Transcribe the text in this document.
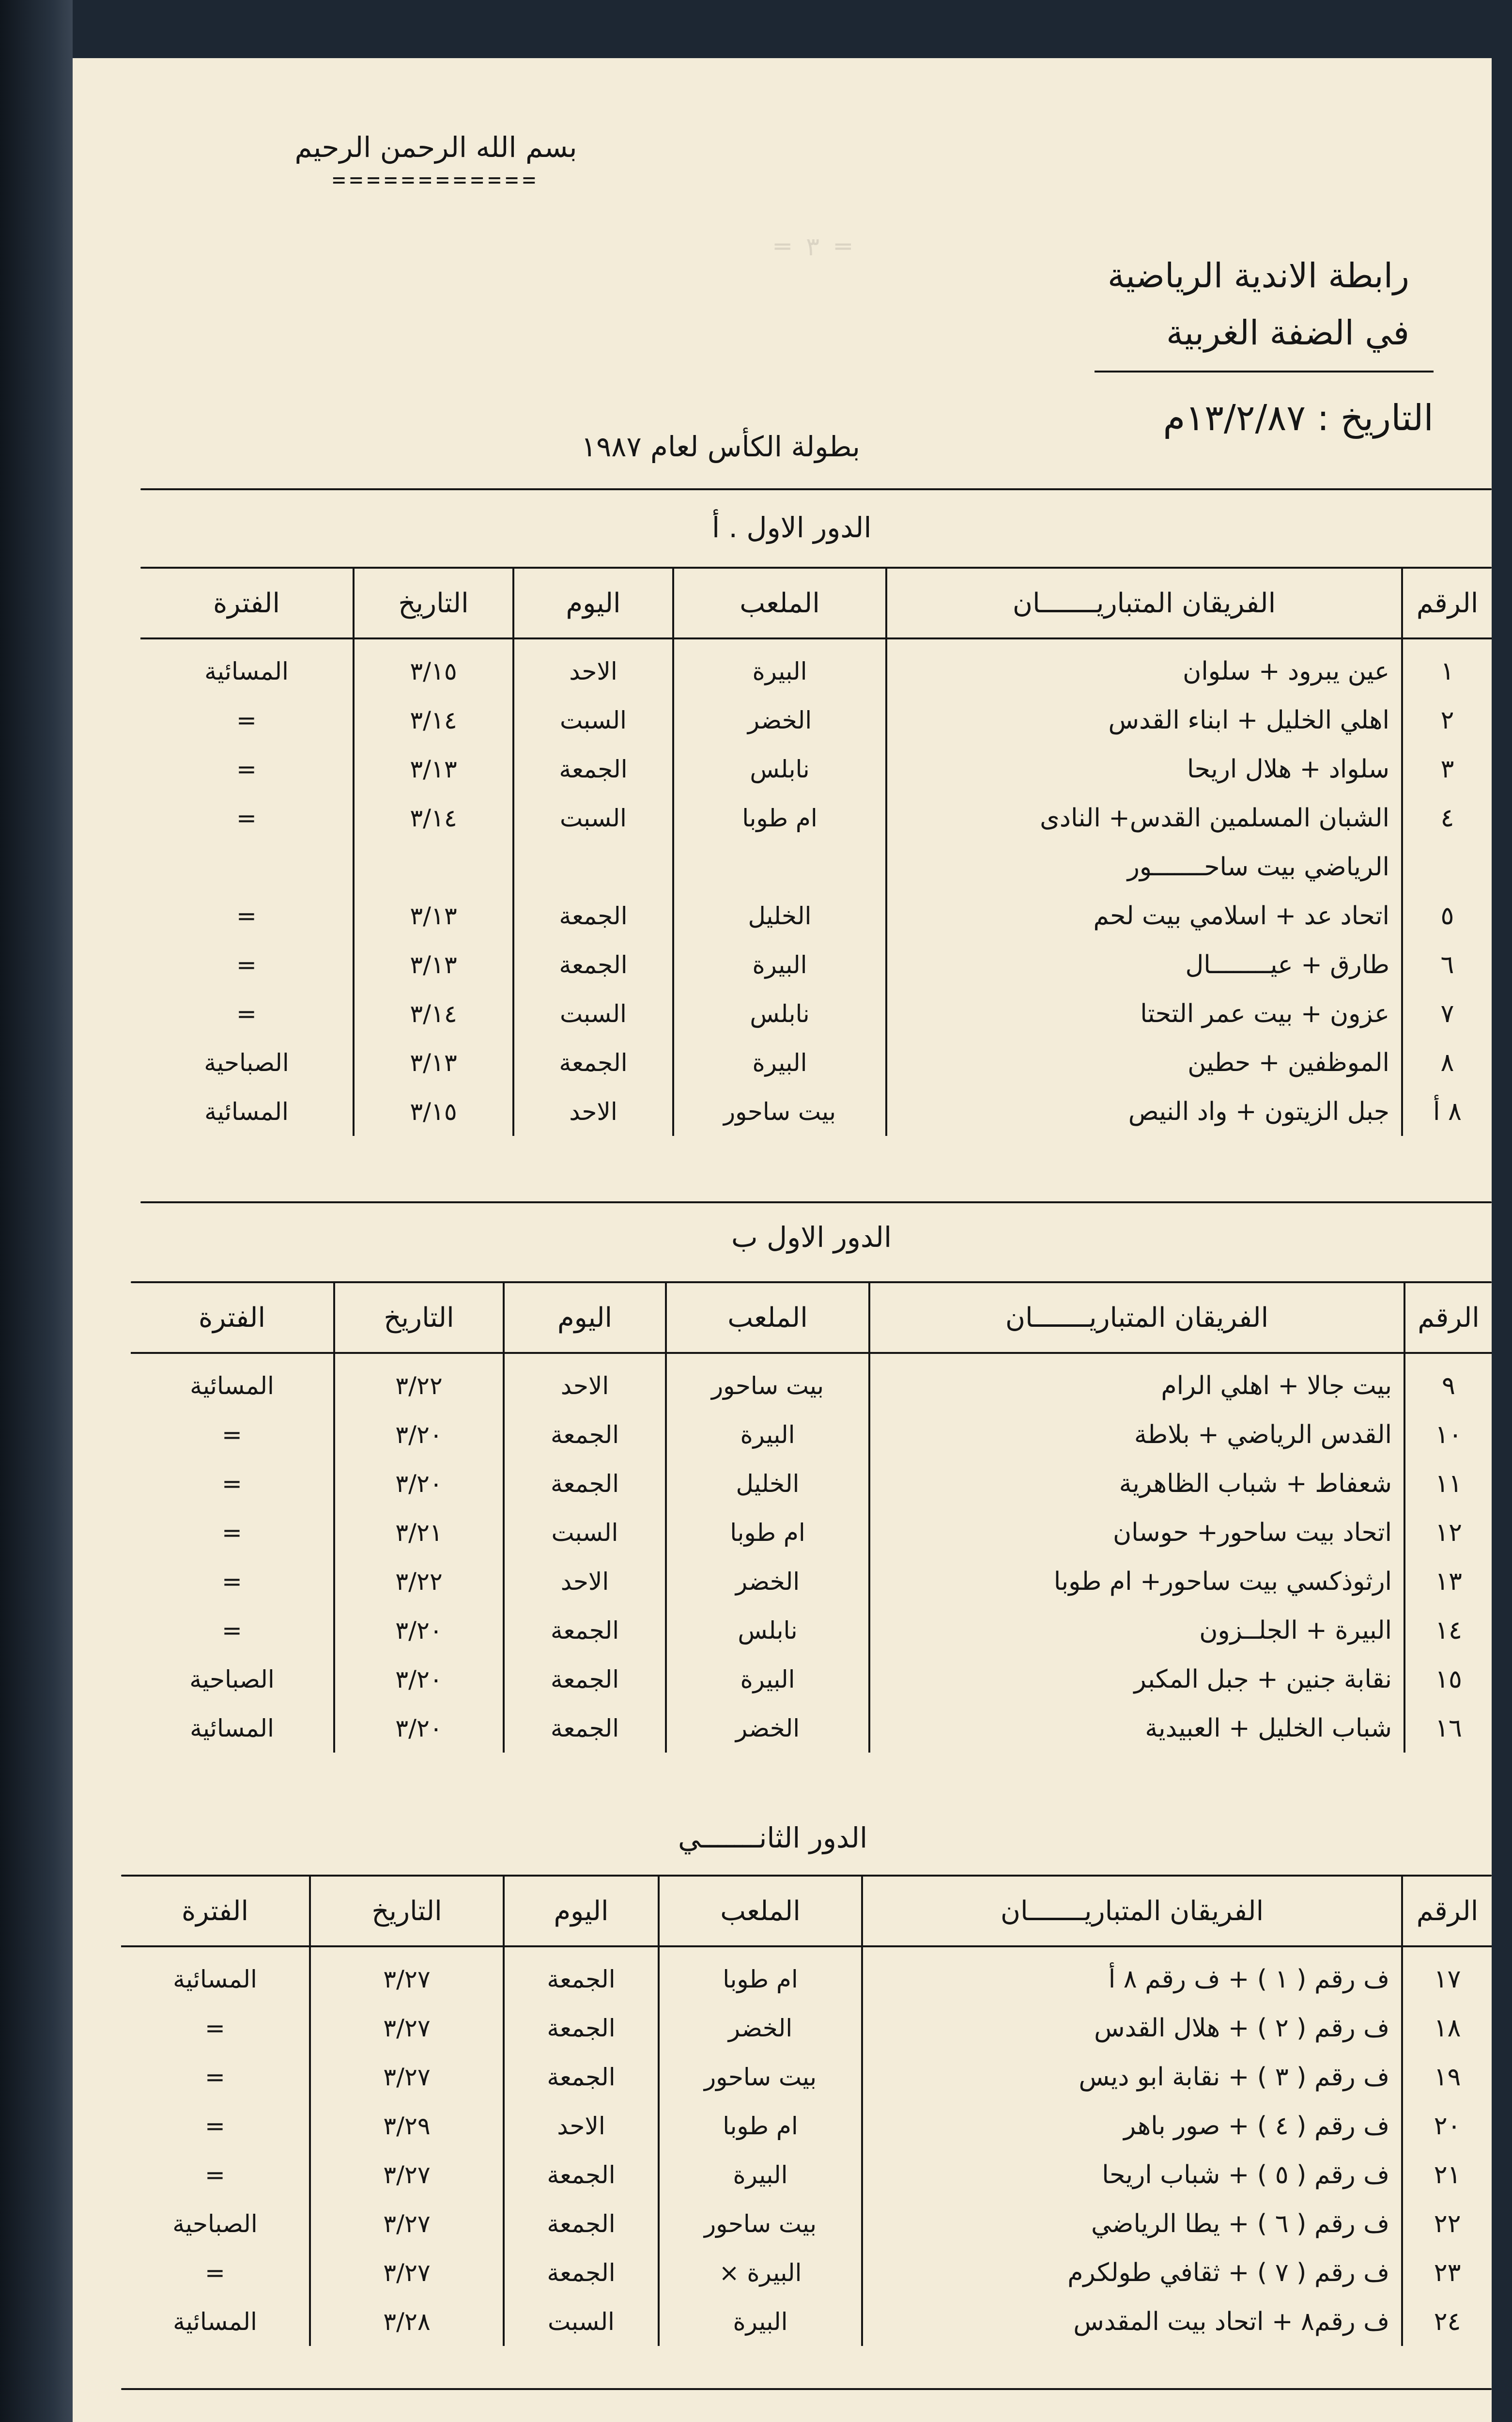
═ ٣ ═

بسم الله الرحمن الرحيم

============
رابطة الاندية الرياضية
في الضفة الغربية
التاريخ : ١٣/٢/٨٧م
بطولة الكأس لعام ١٩٨٧
الدور الاول . أ
الرقم	الفريقان المتباريـــــــان	الملعب	اليوم	التاريخ	الفترة
١	عين يبرود + سلوان	البيرة	الاحد	٣/١٥	المسائية
٢	اهلي الخليل + ابناء القدس	الخضر	السبت	٣/١٤	=
٣	سلواد + هلال اريحا	نابلس	الجمعة	٣/١٣	=
٤	الشبان المسلمين القدس+ النادى	ام طوبا	السبت	٣/١٤	=
	الرياضي بيت ساحـــــــور				
٥	اتحاد عد + اسلامي بيت لحم	الخليل	الجمعة	٣/١٣	=
٦	طارق + عيــــــــال	البيرة	الجمعة	٣/١٣	=
٧	عزون + بيت عمر التحتا	نابلس	السبت	٣/١٤	=
٨	الموظفين + حطين	البيرة	الجمعة	٣/١٣	الصباحية
٨ أ	جبل الزيتون + واد النيص	بيت ساحور	الاحد	٣/١٥	المسائية
الدور الاول ب
الرقم	الفريقان المتباريـــــــان	الملعب	اليوم	التاريخ	الفترة
٩	بيت جالا + اهلي الرام	بيت ساحور	الاحد	٣/٢٢	المسائية
١٠	القدس الرياضي + بلاطة	البيرة	الجمعة	٣/٢٠	=
١١	شعفاط + شباب الظاهرية	الخليل	الجمعة	٣/٢٠	=
١٢	اتحاد بيت ساحور+ حوسان	ام طوبا	السبت	٣/٢١	=
١٣	ارثوذكسي بيت ساحور+ ام طوبا	الخضر	الاحد	٣/٢٢	=
١٤	البيرة + الجلــزون	نابلس	الجمعة	٣/٢٠	=
١٥	نقابة جنين + جبل المكبر	البيرة	الجمعة	٣/٢٠	الصباحية
١٦	شباب الخليل + العبيدية	الخضر	الجمعة	٣/٢٠	المسائية
الدور الثانـــــــي
الرقم	الفريقان المتباريـــــــان	الملعب	اليوم	التاريخ	الفترة
١٧	ف رقم ( ١ ) + ف رقم ٨ أ	ام طوبا	الجمعة	٣/٢٧	المسائية
١٨	ف رقم ( ٢ ) + هلال القدس	الخضر	الجمعة	٣/٢٧	=
١٩	ف رقم ( ٣ ) + نقابة ابو ديس	بيت ساحور	الجمعة	٣/٢٧	=
٢٠	ف رقم ( ٤ ) + صور باهر	ام طوبا	الاحد	٣/٢٩	=
٢١	ف رقم ( ٥ ) + شباب اريحا	البيرة	الجمعة	٣/٢٧	=
٢٢	ف رقم ( ٦ ) + يطا الرياضي	بيت ساحور	الجمعة	٣/٢٧	الصباحية
٢٣	ف رقم ( ٧ ) + ثقافي طولكرم	البيرة ×	الجمعة	٣/٢٧	=
٢٤	ف رقم٨ + اتحاد بيت المقدس	البيرة	السبت	٣/٢٨	المسائية
